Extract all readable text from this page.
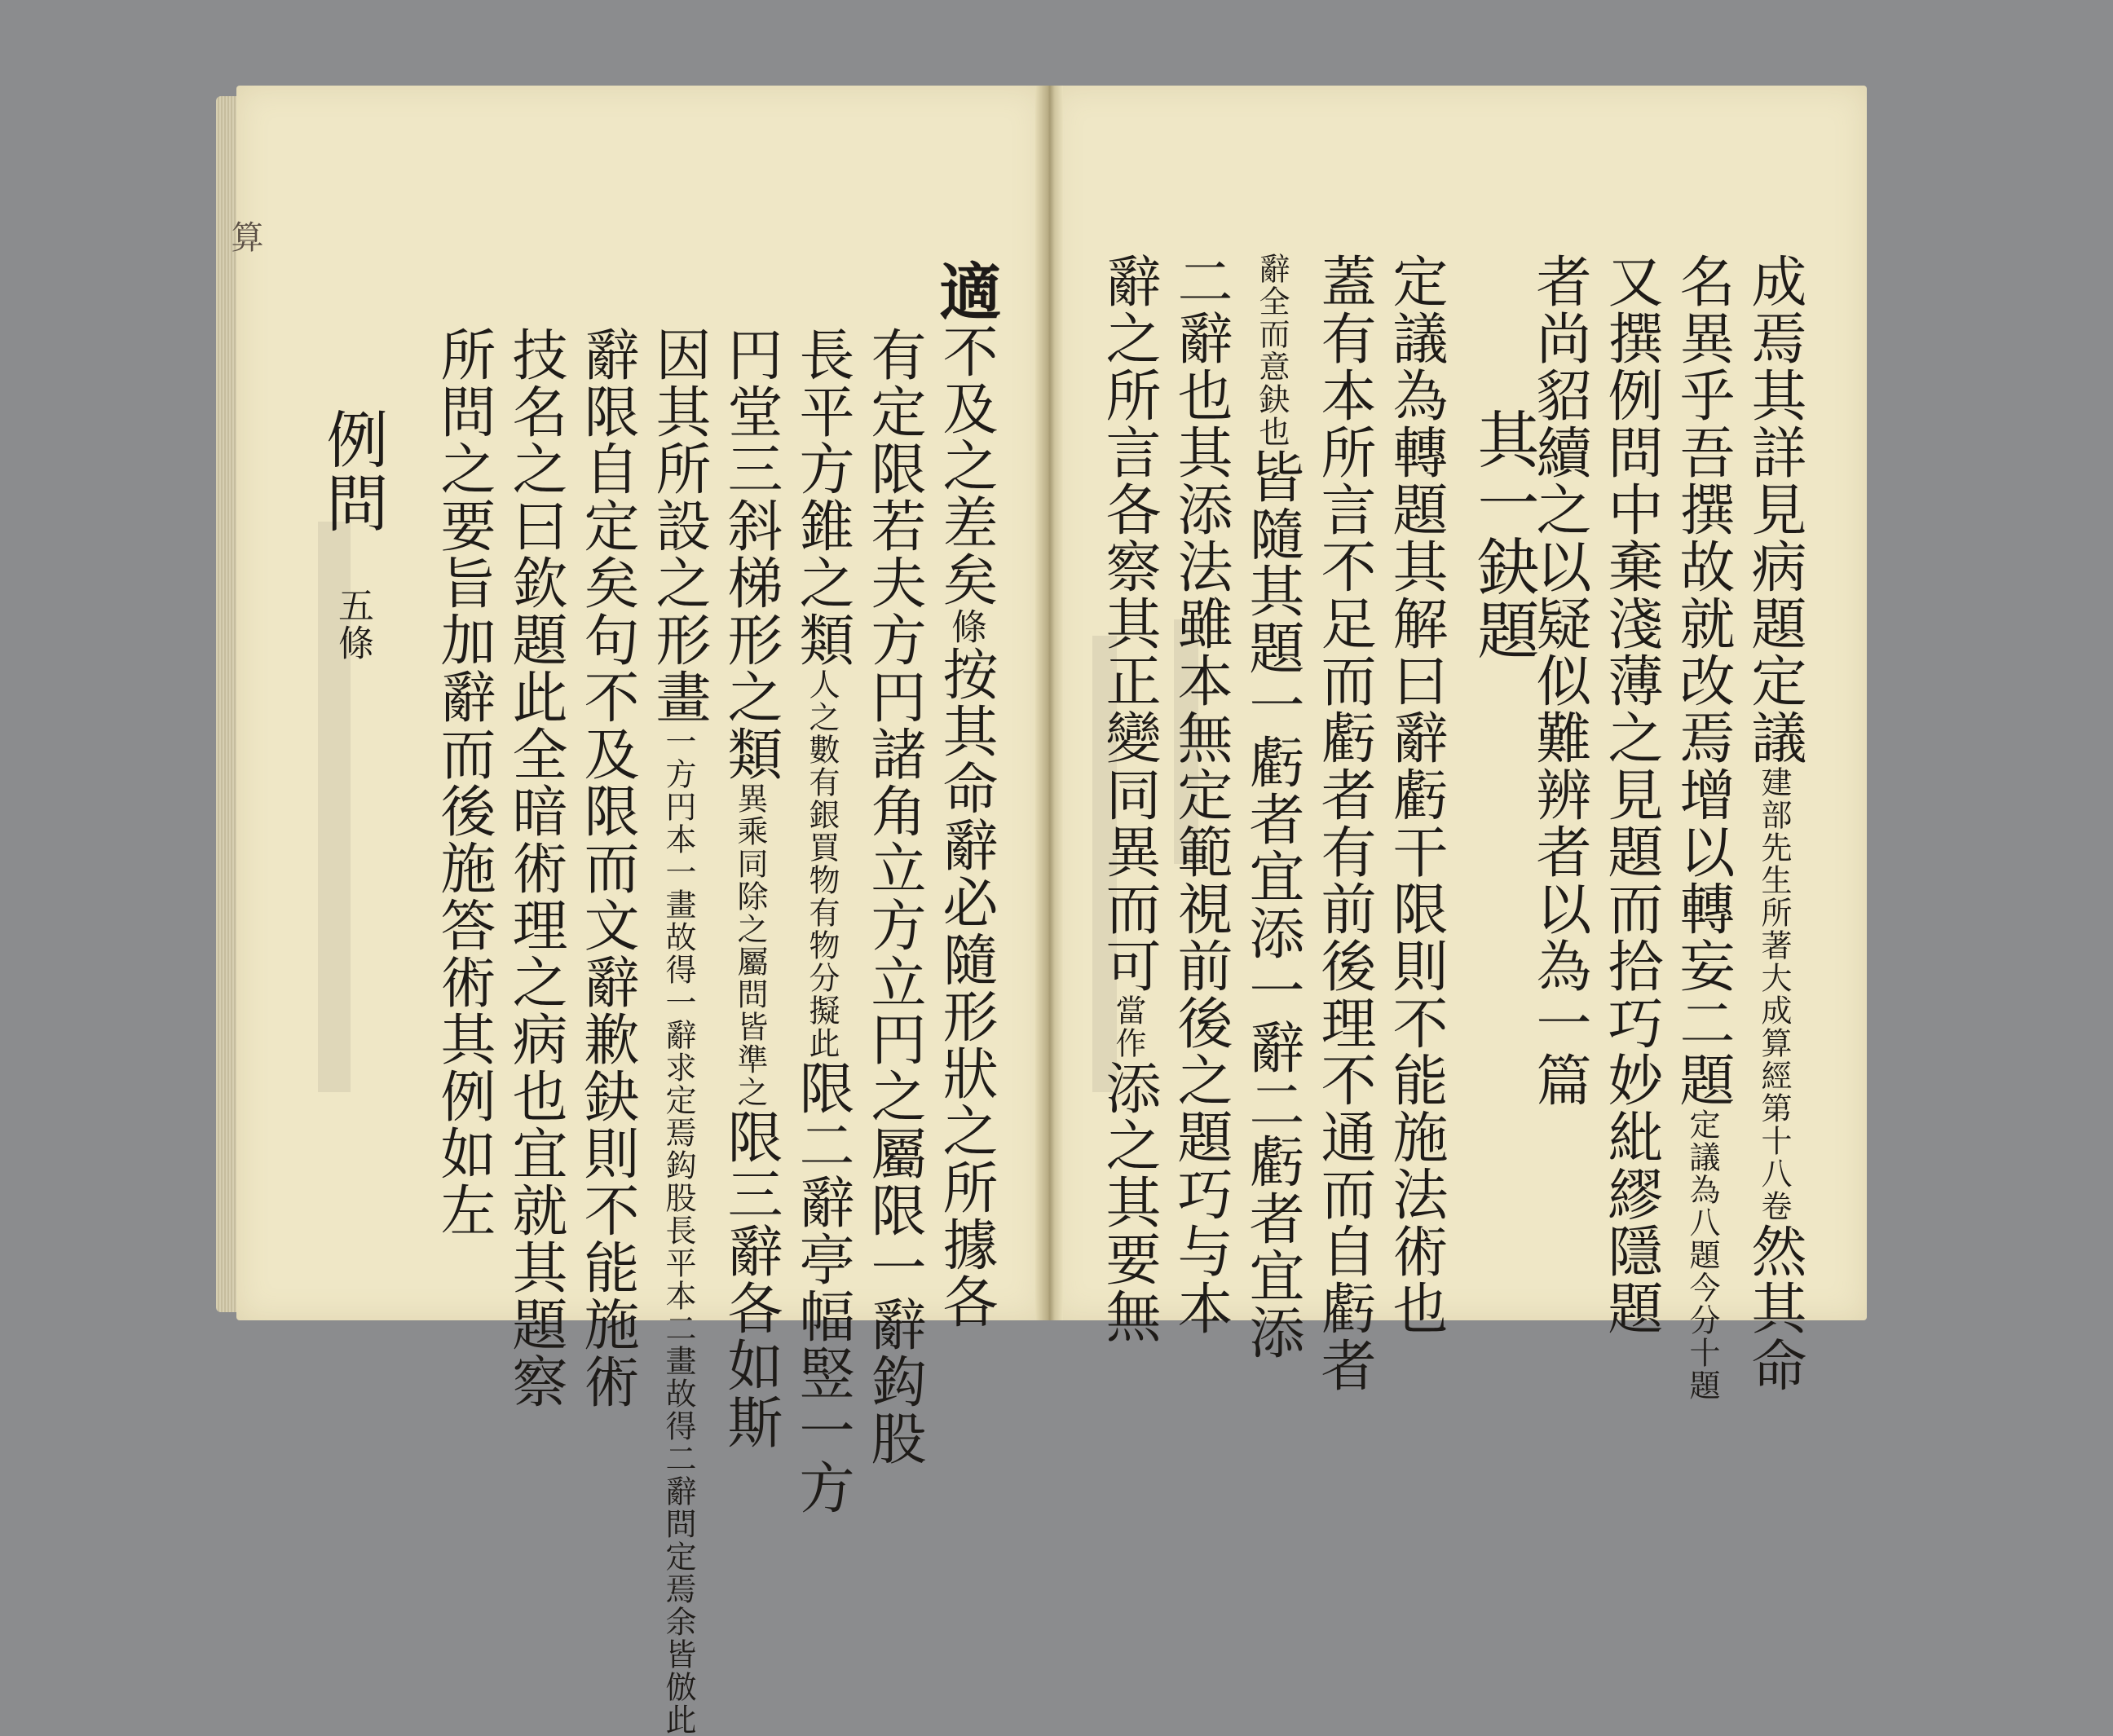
算
適不及之差矣條按其命辭必隨形狀之所據各
有定限若夫方円諸角立方立円之屬限一辭鈎股
長平方錐之類人之數有銀買物有物分擬此限二辭亭幅竪一方
円堂三斜梯形之類異乘同除之屬問皆準之限三辭各如斯
因其所設之形畫一方円本一畫故得一辭求定焉鈎股長平本二畫故得二辭問定焉余皆倣此
辭限自定矣句不及限而文辭歉鈌則不能施術
技名之曰欽題此全暗術理之病也宜就其題察
所問之要旨加辭而後施答術其例如左
例問
五條	成焉其詳見病題定議建部先生所著大成算經第十八卷然其命
名異乎吾撰故就改焉增以轉妄二題定議為八題今分十題
又撰例問中棄淺薄之見題而拾巧妙紕繆隱題
者尚貂續之以疑似難辨者以為一篇
其一鈌題
定議為轉題其解曰辭虧干限則不能施法術也
蓋有本所言不足而虧者有前後理不通而自虧者
辭全而意鈌也皆隨其題一虧者宜添一辭二虧者宜添
二辭也其添法雖本無定範視前後之題巧与本
辭之所言各察其正變同異而可當作添之其要無
